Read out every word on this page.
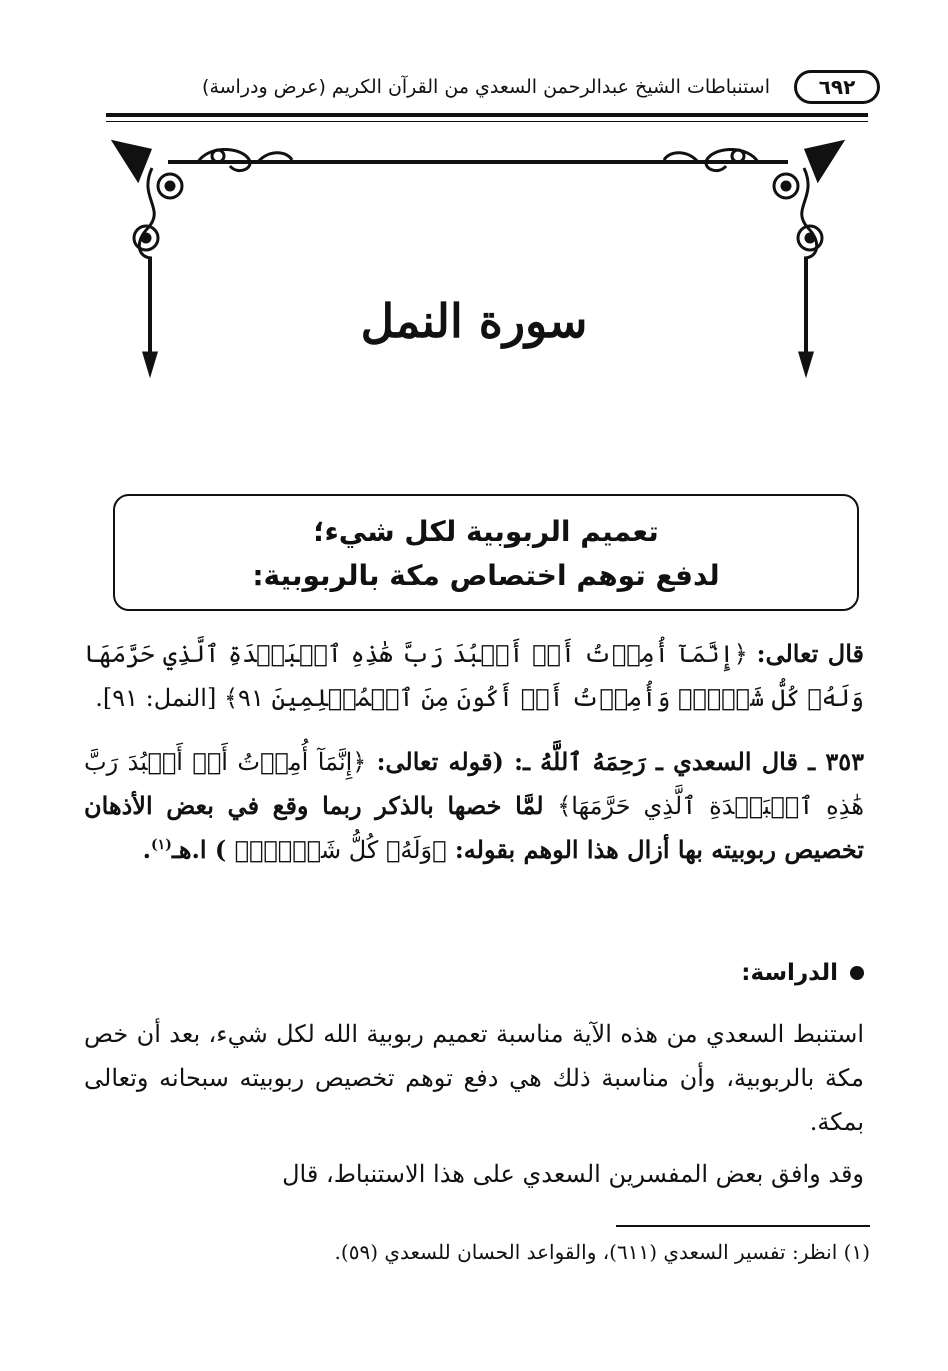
٦٩٢
استنباطات الشيخ عبدالرحمن السعدي من القرآن الكريم (عرض ودراسة)
سورة النمل
تعميم الربوبية لكل شيء؛
لدفع توهم اختصاص مكة بالربوبية:
قال تعالى: ﴿إِنَّمَآ أُمِرۡتُ أَنۡ أَعۡبُدَ رَبَّ هَٰذِهِ ٱلۡبَلۡدَةِ ٱلَّذِي حَرَّمَهَا وَلَهُۥ كُلُّ شَيۡءٖۖ وَأُمِرۡتُ أَنۡ أَكُونَ مِنَ ٱلۡمُسۡلِمِينَ ٩١﴾ [النمل: ٩١].
٣٥٣ ـ قال السعدي ـ رَحِمَهُ ٱللَّهُ ـ: (قوله تعالى: ﴿إِنَّمَآ أُمِرۡتُ أَنۡ أَعۡبُدَ رَبَّ هَٰذِهِ ٱلۡبَلۡدَةِ ٱلَّذِي حَرَّمَهَا﴾ لمَّا خصها بالذكر ربما وقع في بعض الأذهان تخصيص ربوبيته بها أزال هذا الوهم بقوله: ﴿وَلَهُۥ كُلُّ شَيۡءٖۖ﴾ ) ا.هـ$^{(١)}$.
الدراسة:
استنبط السعدي من هذه الآية مناسبة تعميم ربوبية الله لكل شيء، بعد أن خص مكة بالربوبية، وأن مناسبة ذلك هي دفع توهم تخصيص ربوبيته سبحانه وتعالى بمكة.
وقد وافق بعض المفسرين السعدي على هذا الاستنباط، قال
(١) انظر: تفسير السعدي (٦١١)، والقواعد الحسان للسعدي (٥٩).
